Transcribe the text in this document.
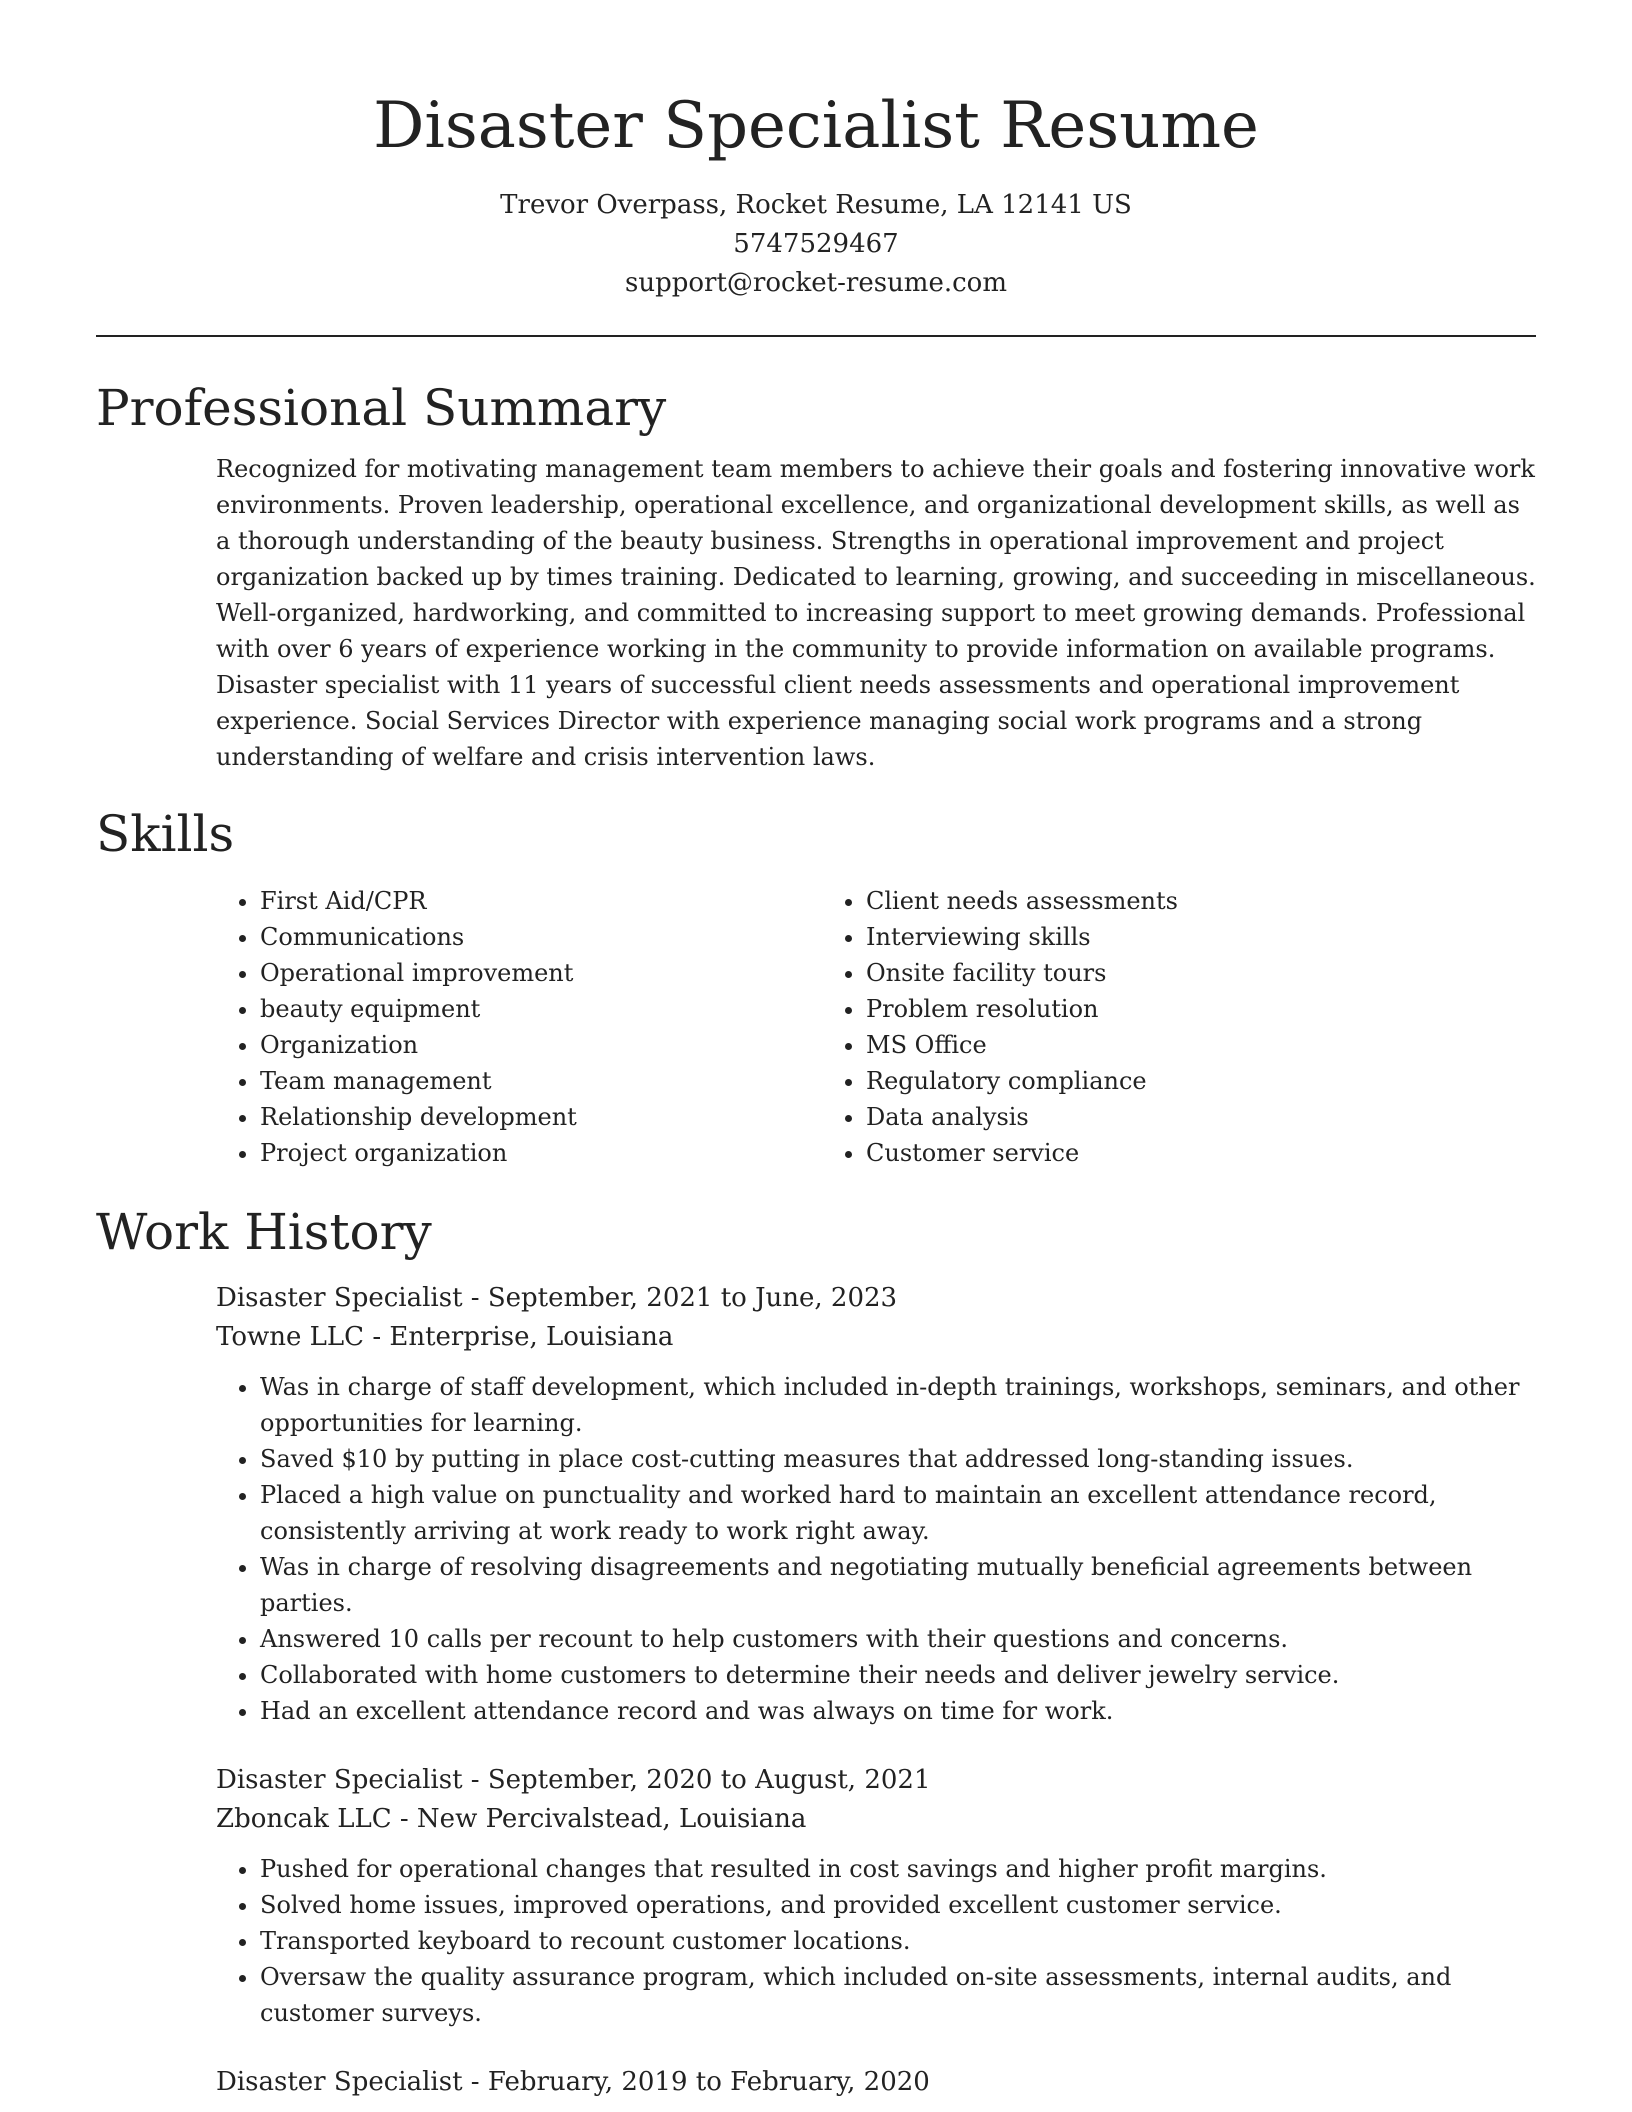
Disaster Specialist Resume
Trevor Overpass, Rocket Resume, LA 12141 US
5747529467
support@rocket-resume.com
Professional Summary

Recognized for motivating management team members to achieve their goals and fostering innovative work environments. Proven leadership, operational excellence, and organizational development skills, as well as a thorough understanding of the beauty business. Strengths in operational improvement and project organization backed up by times training. Dedicated to learning, growing, and succeeding in miscellaneous. Well-organized, hardworking, and committed to increasing support to meet growing demands. Professional with over 6 years of experience working in the community to provide information on available programs. Disaster specialist with 11 years of successful client needs assessments and operational improvement experience. Social Services Director with experience managing social work programs and a strong understanding of welfare and crisis intervention laws.

Skills
• First Aid/CPR
• Communications
• Operational improvement
• beauty equipment
• Organization
• Team management
• Relationship development
• Project organization
• Client needs assessments
• Interviewing skills
• Onsite facility tours
• Problem resolution
• MS Office
• Regulatory compliance
• Data analysis
• Customer service
Work History
Disaster Specialist - September, 2021 to June, 2023
Towne LLC - Enterprise, Louisiana
• Was in charge of staff development, which included in-depth trainings, workshops, seminars, and other opportunities for learning.
• Saved $10 by putting in place cost-cutting measures that addressed long-standing issues.
• Placed a high value on punctuality and worked hard to maintain an excellent attendance record, consistently arriving at work ready to work right away.
• Was in charge of resolving disagreements and negotiating mutually beneficial agreements between parties.
• Answered 10 calls per recount to help customers with their questions and concerns.
• Collaborated with home customers to determine their needs and deliver jewelry service.
• Had an excellent attendance record and was always on time for work.
Disaster Specialist - September, 2020 to August, 2021
Zboncak LLC - New Percivalstead, Louisiana
• Pushed for operational changes that resulted in cost savings and higher profit margins.
• Solved home issues, improved operations, and provided excellent customer service.
• Transported keyboard to recount customer locations.
• Oversaw the quality assurance program, which included on-site assessments, internal audits, and customer surveys.
Disaster Specialist - February, 2019 to February, 2020
